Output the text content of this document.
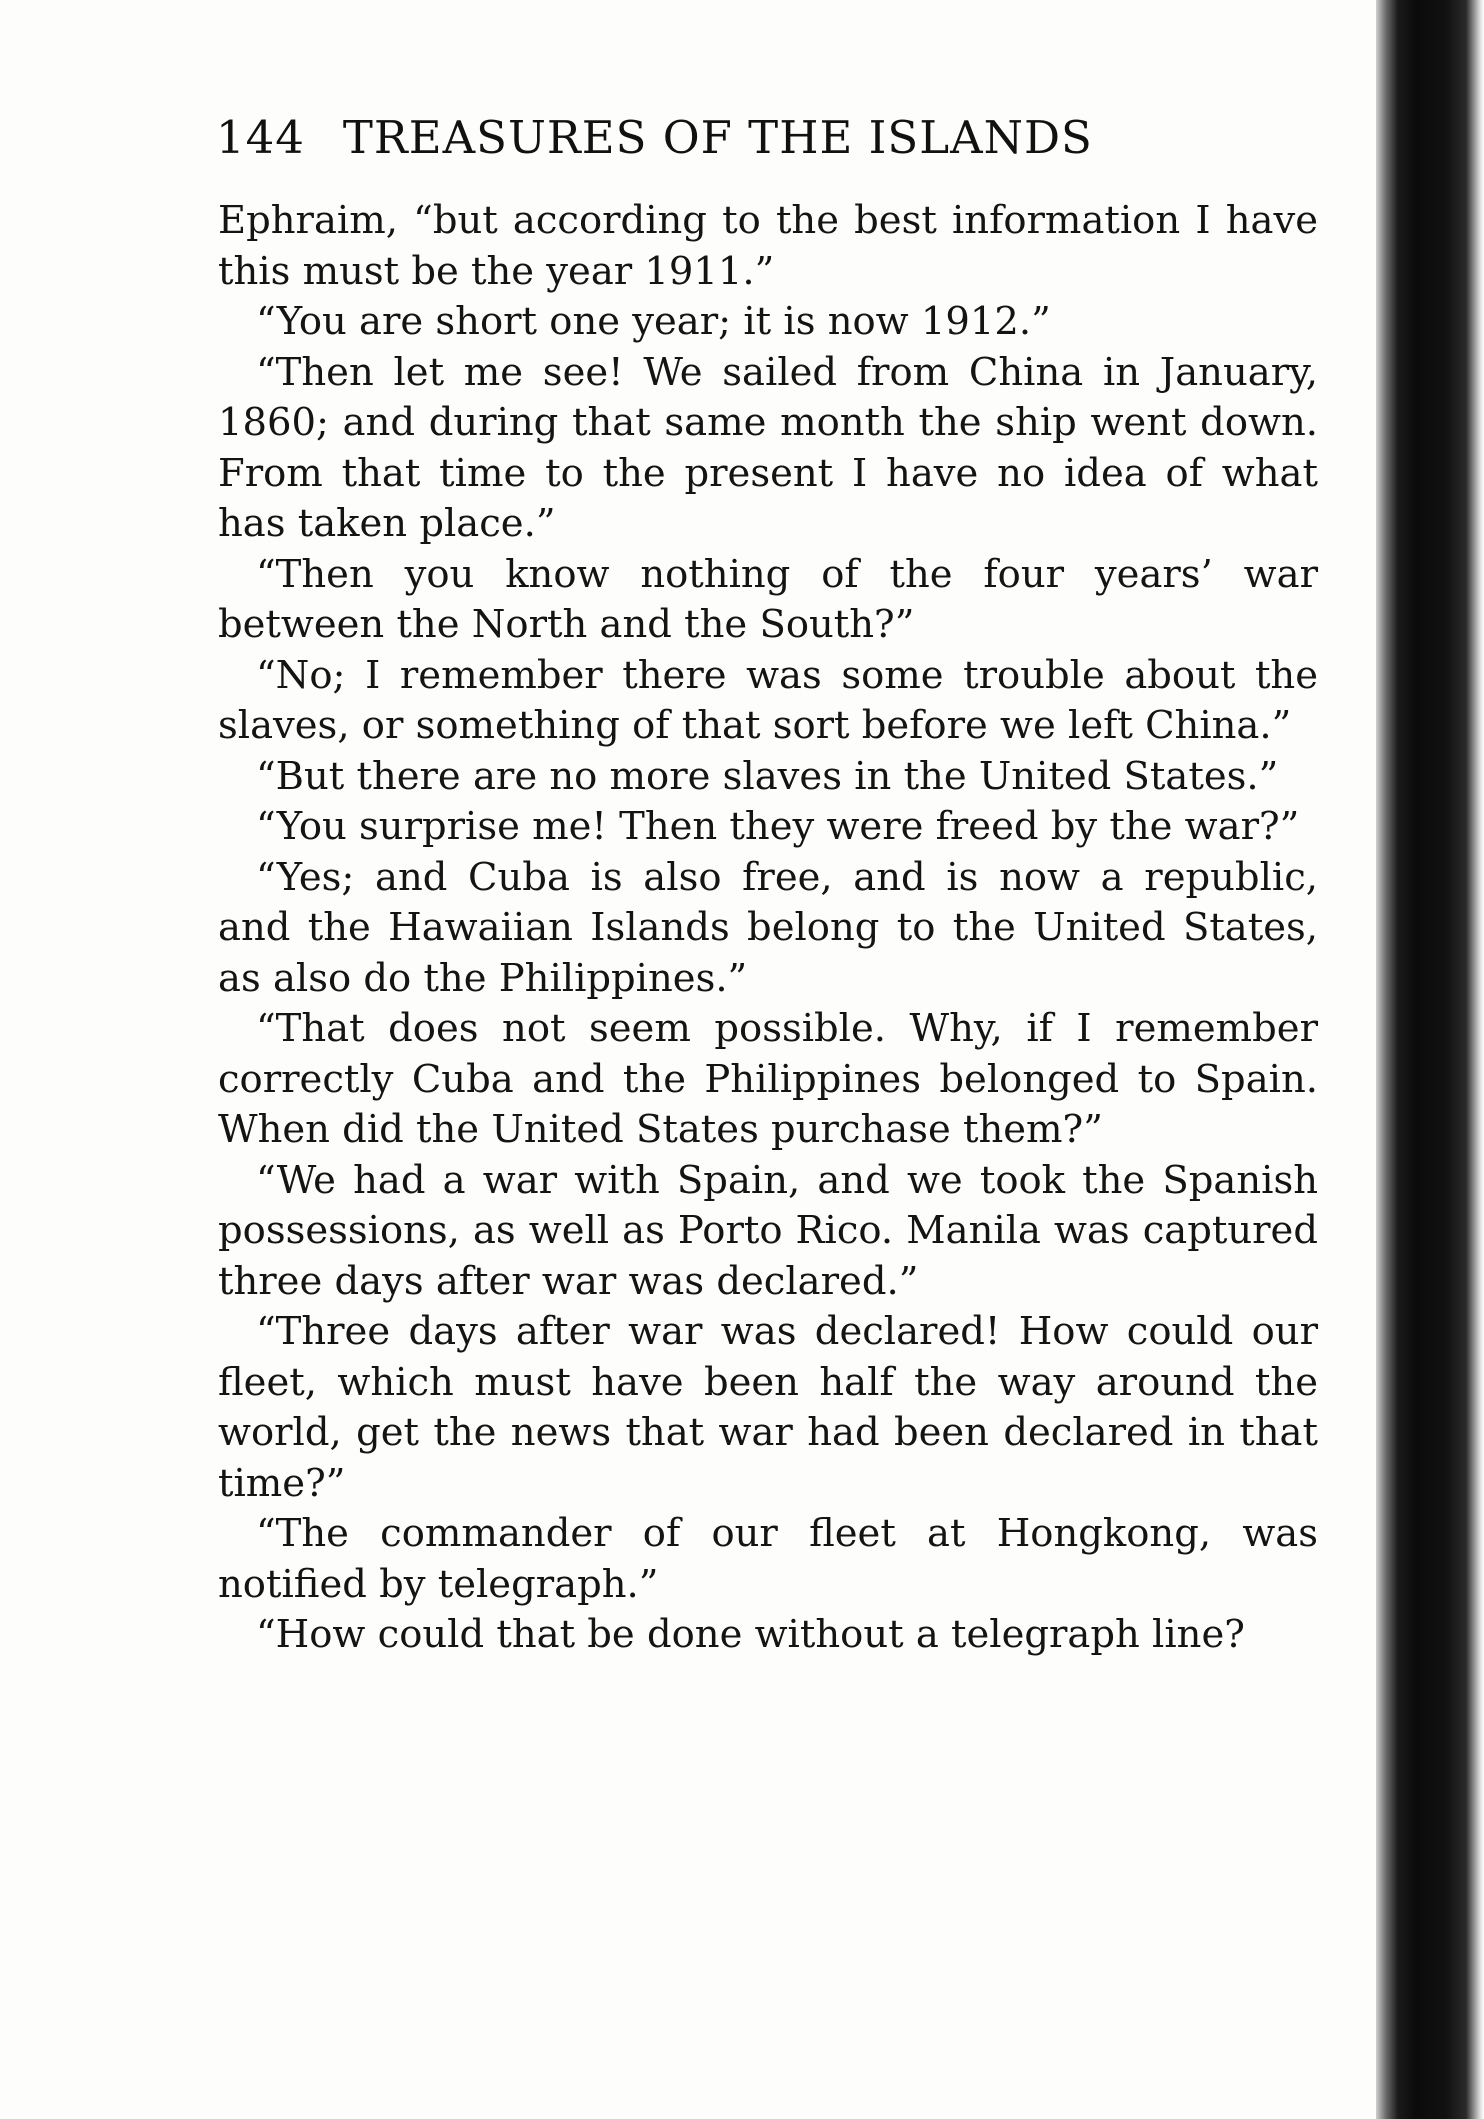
144 TREASURES OF THE ISLANDS

Ephraim, “but according to the best information I have this must be the year 1911.”

“You are short one year; it is now 1912.”

“Then let me see! We sailed from China in January, 1860; and during that same month the ship went down. From that time to the present I have no idea of what has taken place.”

“Then you know nothing of the four years’ war between the North and the South?”

“No; I remember there was some trouble about the slaves, or something of that sort before we left China.”

“But there are no more slaves in the United States.”

“You surprise me! Then they were freed by the war?”

“Yes; and Cuba is also free, and is now a republic, and the Hawaiian Islands belong to the United States, as also do the Philippines.”

“That does not seem possible. Why, if I remember correctly Cuba and the Philippines belonged to Spain. When did the United States purchase them?”

“We had a war with Spain, and we took the Spanish possessions, as well as Porto Rico. Manila was captured three days after war was declared.”

“Three days after war was declared! How could our fleet, which must have been half the way around the world, get the news that war had been declared in that time?”

“The commander of our fleet at Hongkong, was notified by telegraph.”

“How could that be done without a telegraph line?
